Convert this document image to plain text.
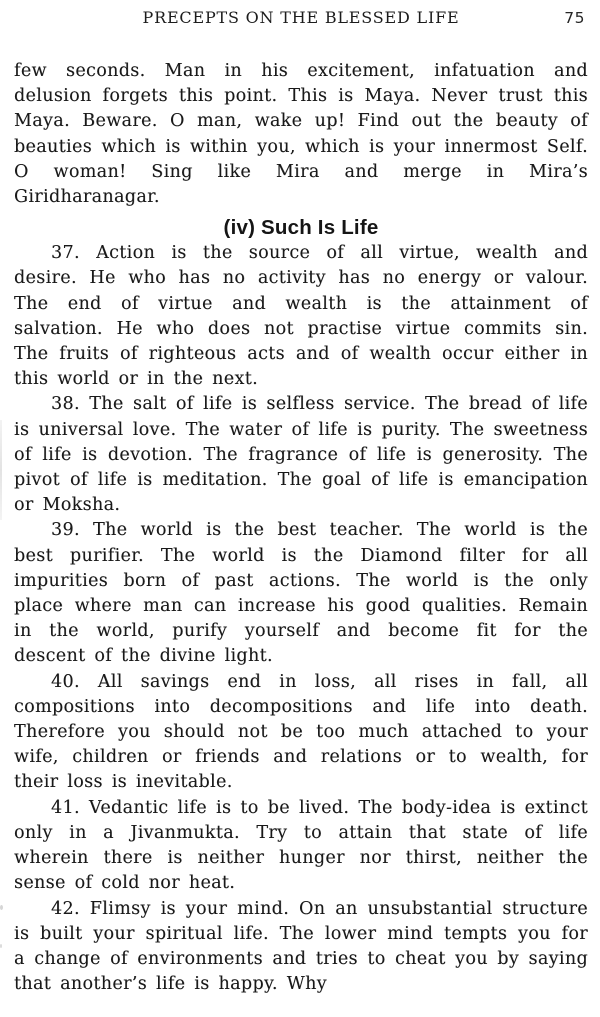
PRECEPTS ON THE BLESSED LIFE	75

few seconds. Man in his excitement, infatuation and delusion forgets this point. This is Maya. Never trust this Maya. Beware. O man, wake up! Find out the beauty of beauties which is within you, which is your innermost Self. O woman! Sing like Mira and merge in Mira’s Giridharanagar.

(iv) Such Is Life

37. Action is the source of all virtue, wealth and desire. He who has no activity has no energy or valour. The end of virtue and wealth is the attainment of salvation. He who does not practise virtue commits sin. The fruits of righteous acts and of wealth occur either in this world or in the next.

38. The salt of life is selfless service. The bread of life is universal love. The water of life is purity. The sweetness of life is devotion. The fragrance of life is generosity. The pivot of life is meditation. The goal of life is emancipation or Moksha.

39. The world is the best teacher. The world is the best purifier. The world is the Diamond filter for all impurities born of past actions. The world is the only place where man can increase his good qualities. Remain in the world, purify yourself and become fit for the descent of the divine light.

40. All savings end in loss, all rises in fall, all compositions into decompositions and life into death. Therefore you should not be too much attached to your wife, children or friends and relations or to wealth, for their loss is inevitable.

41. Vedantic life is to be lived. The body-idea is extinct only in a Jivanmukta. Try to attain that state of life wherein there is neither hunger nor thirst, neither the sense of cold nor heat.

42. Flimsy is your mind. On an unsubstantial structure is built your spiritual life. The lower mind tempts you for a change of environments and tries to cheat you by saying that another’s life is happy. Why
